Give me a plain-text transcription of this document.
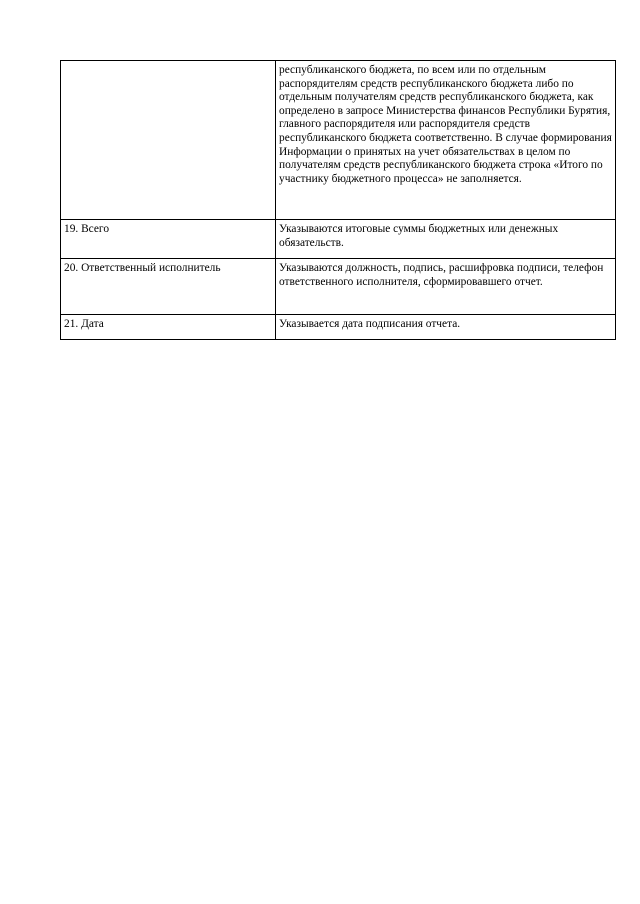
	республиканского бюджета, по всем или по отдельным распорядителям средств республиканского бюджета либо по отдельным получателям средств республиканского бюджета, как определено в запросе Министерства финансов Республики Бурятия, главного распорядителя или распорядителя средств республиканского бюджета соответственно. В случае формирования Информации о принятых на учет обязательствах в целом по получателям средств республиканского бюджета строка «Итого по участнику бюджетного процесса» не заполняется.
19. Всего	Указываются итоговые суммы бюджетных или денежных обязательств.
20. Ответственный исполнитель	Указываются должность, подпись, расшифровка подписи, телефон ответственного исполнителя, сформировавшего отчет.
21. Дата	Указывается дата подписания отчета.
